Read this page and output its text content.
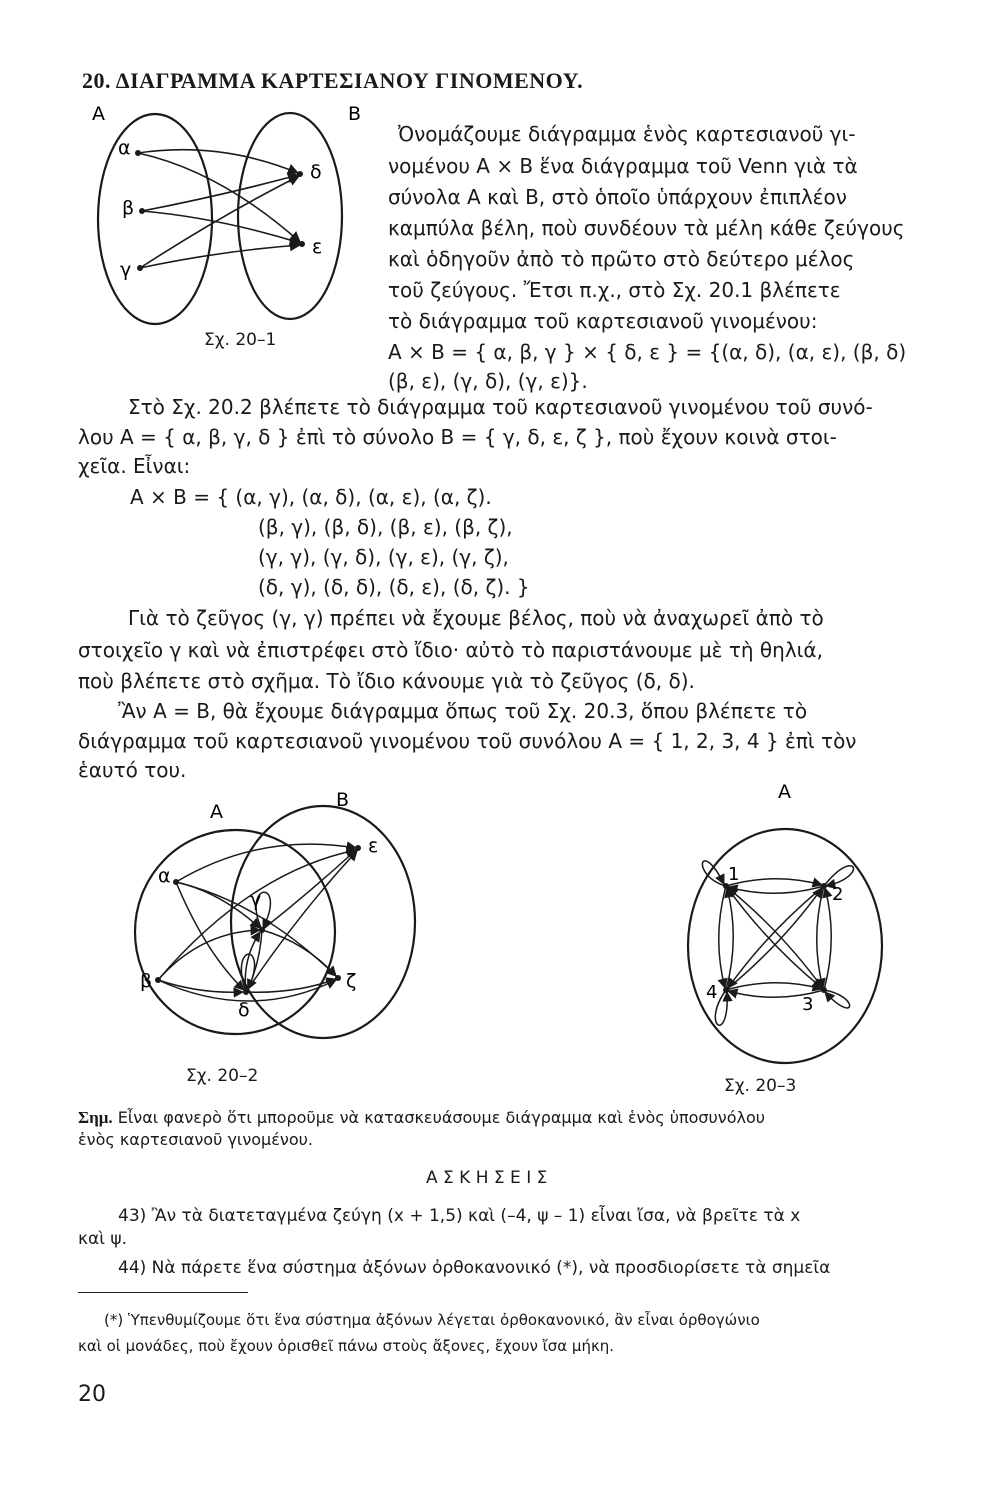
20. ΔΙΑΓΡΑΜΜΑ ΚΑΡΤΕΣΙΑΝΟΥ ΓΙΝΟΜΕΝΟΥ.
A	B
α
β
γ
δ
ε
Σχ. 20–1
Ὀνομάζουμε διάγραμμα ἑνὸς καρτεσιανοῦ γι-
νομένου A × B ἕνα διάγραμμα τοῦ Venn γιὰ τὰ
σύνολα A καὶ B, στὸ ὁποῖο ὑπάρχουν ἐπιπλέον
καμπύλα βέλη, ποὺ συνδέουν τὰ μέλη κάθε ζεύγους
καὶ ὁδηγοῦν ἀπὸ τὸ πρῶτο στὸ δεύτερο μέλος
τοῦ ζεύγους. Ἔτσι π.χ., στὸ Σχ. 20.1 βλέπετε
τὸ διάγραμμα τοῦ καρτεσιανοῦ γινομένου:
A × B = { α, β, γ } × { δ, ε } = {(α, δ), (α, ε), (β, δ)
(β, ε), (γ, δ), (γ, ε)}.
Στὸ Σχ. 20.2 βλέπετε τὸ διάγραμμα τοῦ καρτεσιανοῦ γινομένου τοῦ συνό-
λου A = { α, β, γ, δ } ἐπὶ τὸ σύνολο B = { γ, δ, ε, ζ }, ποὺ ἔχουν κοινὰ στοι-
χεῖα. Εἶναι:
A × B = { (α, γ), (α, δ), (α, ε), (α, ζ).
(β, γ), (β, δ), (β, ε), (β, ζ),
(γ, γ), (γ, δ), (γ, ε), (γ, ζ),
(δ, γ), (δ, δ), (δ, ε), (δ, ζ). }
Γιὰ τὸ ζεῦγος (γ, γ) πρέπει νὰ ἔχουμε βέλος, ποὺ νὰ ἀναχωρεῖ ἀπὸ τὸ
στοιχεῖο γ καὶ νὰ ἐπιστρέφει στὸ ἴδιο· αὐτὸ τὸ παριστάνουμε μὲ τὴ θηλιά,
ποὺ βλέπετε στὸ σχῆμα. Τὸ ἴδιο κάνουμε γιὰ τὸ ζεῦγος (δ, δ).
Ἂν A = B, θὰ ἔχουμε διάγραμμα ὅπως τοῦ Σχ. 20.3, ὅπου βλέπετε τὸ
διάγραμμα τοῦ καρτεσιανοῦ γινομένου τοῦ συνόλου A = { 1, 2, 3, 4 } ἐπὶ τὸν
ἑαυτό του.
A
B
α
γ
ε
β
δ
ζ
Σχ. 20–2
A
1
2
3
4
Σχ. 20–3
Σημ. Εἶναι φανερὸ ὅτι μποροῦμε νὰ κατασκευάσουμε διάγραμμα καὶ ἑνὸς ὑποσυνόλου
ἑνὸς καρτεσιανοῦ γινομένου.
Α Σ Κ Η Σ Ε Ι Σ
43) Ἂν τὰ διατεταγμένα ζεύγη (x + 1,5) καὶ (–4, ψ – 1) εἶναι ἴσα, νὰ βρεῖτε τὰ x
καὶ ψ.
44) Νὰ πάρετε ἕνα σύστημα ἀξόνων ὀρθοκανονικό (*), νὰ προσδιορίσετε τὰ σημεῖα
(*) Ὑπενθυμίζουμε ὅτι ἕνα σύστημα ἀξόνων λέγεται ὀρθοκανονικό, ἂν εἶναι ὀρθογώνιο
καὶ οἱ μονάδες, ποὺ ἔχουν ὁρισθεῖ πάνω στοὺς ἄξονες, ἔχουν ἴσα μήκη.
20
